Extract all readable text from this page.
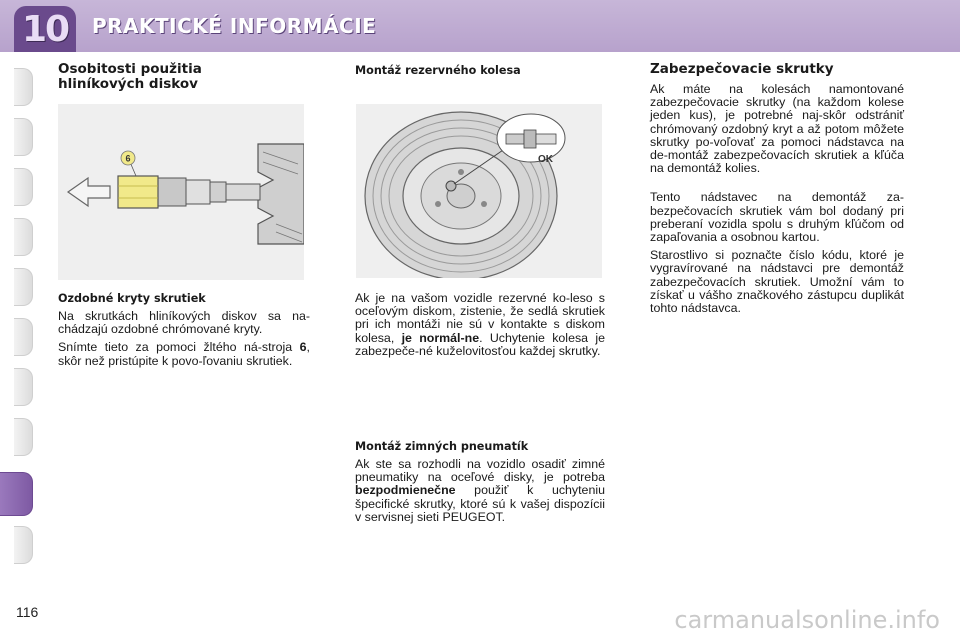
10 PRAKTICKÉ INFORMÁCIE
Osobitosti použitia
hliníkových diskov
6
Ozdobné kryty skrutiek

Na skrutkách hliníkových diskov sa na-chádzajú ozdobné chrómované kryty.

Snímte tieto za pomoci žltého ná-stroja 6, skôr než pristúpite k povo-ľovaniu skrutiek.

Montáž rezervného kolesa
OK

Ak je na vašom vozidle rezervné ko-leso s oceľovým diskom, zistenie, že sedlá skrutiek pri ich montáži nie sú v kontakte s diskom kolesa, je normál-ne. Uchytenie kolesa je zabezpeče-né kuželovitosťou každej skrutky.

Montáž zimných pneumatík

Ak ste sa rozhodli na vozidlo osadiť zimné pneumatiky na oceľové disky, je potreba bezpodmienečne použiť k uchyteniu špecifické skrutky, ktoré sú k vašej dispozícii v servisnej sieti PEUGEOT.

Zabezpečovacie skrutky

Ak máte na kolesách namontované zabezpečovacie skrutky (na každom kolese jeden kus), je potrebné naj-skôr odstrániť chrómovaný ozdobný kryt a až potom môžete skrutky po-voľovať za pomoci nádstavca na de-montáž zabezpečovacích skrutiek a kľúča na demontáž kolies.

Tento nádstavec na demontáž za-bezpečovacích skrutiek vám bol dodaný pri preberaní vozidla spolu s druhým kľúčom od zapaľovania a osobnou kartou.

Starostlivo si poznačte číslo kódu, ktoré je vygravírované na nádstavci pre demontáž zabezpečovacích skrutiek. Umožní vám to získať u vášho značkového zástupcu duplikát tohto nádstavca.

116	carmanualsonline.info
